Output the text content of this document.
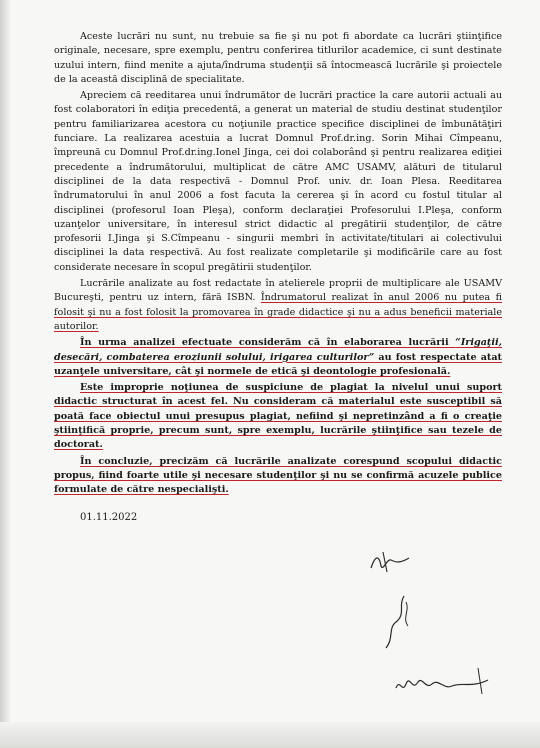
Aceste lucrări nu sunt, nu trebuie sa fie şi nu pot fi abordate ca lucrări ştiinţifice originale, necesare, spre exemplu, pentru conferirea titlurilor academice, ci sunt destinate uzului intern, fiind menite a ajuta/îndruma studenţii să întocmească lucrările şi proiectele de la această disciplină de specialitate.

Apreciem că reeditarea unui îndrumător de lucrări practice la care autorii actuali au fost colaboratori în ediţia precedentă, a generat un material de studiu destinat studenţilor pentru familiarizarea acestora cu noţiunile practice specifice disciplinei de îmbunătăţiri funciare. La realizarea acestuia a lucrat Domnul Prof.dr.ing. Sorin Mihai Cîmpeanu, împreună cu Domnul Prof.dr.ing.Ionel Jinga, cei doi colaborând şi pentru realizarea ediţiei precedente a îndrumătorului, multiplicat de către AMC USAMV, alături de titularul disciplinei de la data respectivă - Domnul Prof. univ. dr. Ioan Plesa. Reeditarea îndrumatorului în anul 2006 a fost facuta la cererea şi în acord cu fostul titular al disciplinei (profesorul Ioan Pleşa), conform declaraţiei Profesorului I.Pleşa, conform uzanţelor universitare, în interesul strict didactic al pregătirii studenţilor, de către profesorii I.Jinga şi S.Cîmpeanu - singurii membri în activitate/titulari ai colectivului disciplinei la data respectivă. Au fost realizate completarile şi modificările care au fost considerate necesare în scopul pregătirii studenţilor.

Lucrările analizate au fost redactate în atelierele proprii de multiplicare ale USAMV Bucureşti, pentru uz intern, fără ISBN. Îndrumatorul realizat în anul 2006 nu putea fi folosit şi nu a fost folosit la promovarea în grade didactice şi nu a adus beneficii materiale autorilor.

În urma analizei efectuate considerăm că în elaborarea lucrării “Irigaţii, desecări, combaterea eroziunii solului, irigarea culturilor” au fost respectate atat uzanţele universitare, cât şi normele de etică şi deontologie profesională.

Este improprie noţiunea de suspiciune de plagiat la nivelul unui suport didactic structurat în acest fel. Nu consideram că materialul este susceptibil să poată face obiectul unui presupus plagiat, nefiind şi nepretinzând a fi o creaţie ştiinţifică proprie, precum sunt, spre exemplu, lucrările ştiinţifice sau tezele de doctorat.

În concluzie, precizăm că lucrările analizate corespund scopului didactic propus, fiind foarte utile şi necesare studenţilor şi nu se confirmă acuzele publice formulate de către nespecialişti.

01.11.2022
